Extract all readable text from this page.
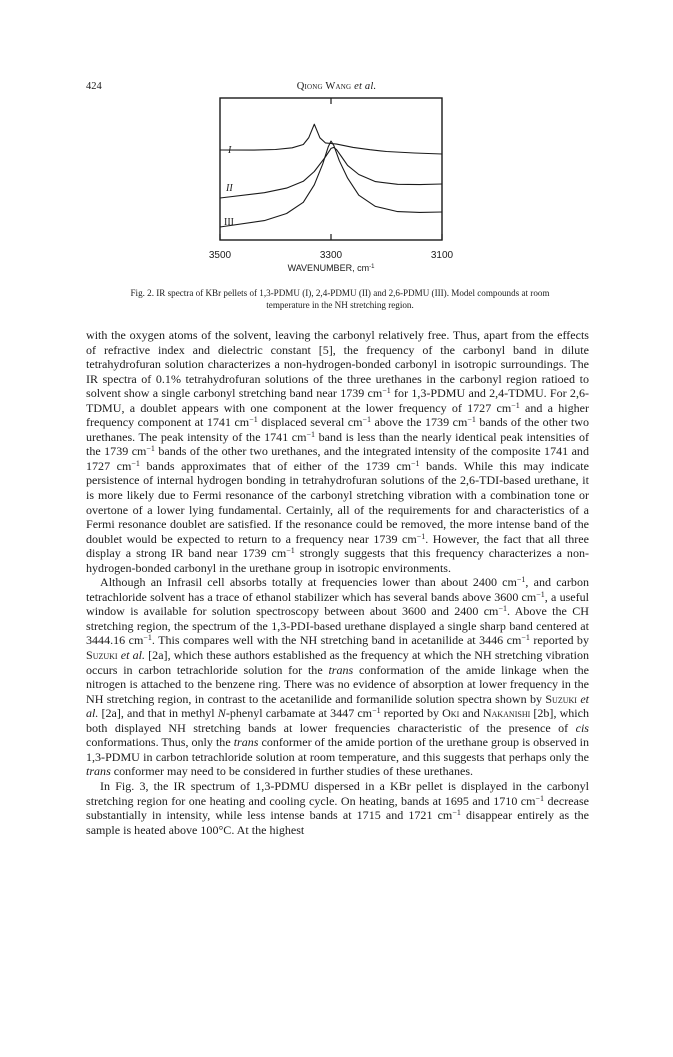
424	Qiong Wang et al.
I
II
III
3500	3300	3100
WAVENUMBER, $cm^{-1}$
Fig. 2. IR spectra of KBr pellets of 1,3-PDMU (I), 2,4-PDMU (II) and 2,6-PDMU (III). Model compounds at room temperature in the NH stretching region.

with the oxygen atoms of the solvent, leaving the carbonyl relatively free. Thus, apart from the effects of refractive index and dielectric constant [5], the frequency of the carbonyl band in dilute tetrahydrofuran solution characterizes a non-hydrogen-bonded carbonyl in isotropic surroundings. The IR spectra of 0.1% tetrahydrofuran solutions of the three urethanes in the carbonyl region ratioed to solvent show a single carbonyl stretching band near 1739 $cm^{-1}$ for 1,3-PDMU and 2,4-TDMU. For 2,6-TDMU, a doublet appears with one component at the lower frequency of 1727 $cm^{-1}$ and a higher frequency component at 1741 $cm^{-1}$ displaced several $cm^{-1}$ above the 1739 $cm^{-1}$ bands of the other two urethanes. The peak intensity of the 1741 $cm^{-1}$ band is less than the nearly identical peak intensities of the 1739 $cm^{-1}$ bands of the other two urethanes, and the integrated intensity of the composite 1741 and 1727 $cm^{-1}$ bands approximates that of either of the 1739 $cm^{-1}$ bands. While this may indicate persistence of internal hydrogen bonding in tetrahydrofuran solutions of the 2,6-TDI-based urethane, it is more likely due to Fermi resonance of the carbonyl stretching vibration with a combination tone or overtone of a lower lying fundamental. Certainly, all of the requirements for and characteristics of a Fermi resonance doublet are satisfied. If the resonance could be removed, the more intense band of the doublet would be expected to return to a frequency near 1739 $cm^{-1}$. However, the fact that all three display a strong IR band near 1739 $cm^{-1}$ strongly suggests that this frequency characterizes a non-hydrogen-bonded carbonyl in the urethane group in isotropic environments.

Although an Infrasil cell absorbs totally at frequencies lower than about 2400 $cm^{-1}$, and carbon tetrachloride solvent has a trace of ethanol stabilizer which has several bands above 3600 $cm^{-1}$, a useful window is available for solution spectroscopy between about 3600 and 2400 $cm^{-1}$. Above the CH stretching region, the spectrum of the 1,3-PDI-based urethane displayed a single sharp band centered at 3444.16 $cm^{-1}$. This compares well with the NH stretching band in acetanilide at 3446 $cm^{-1}$ reported by Suzuki et al. [2a], which these authors established as the frequency at which the NH stretching vibration occurs in carbon tetrachloride solution for the trans conformation of the amide linkage when the nitrogen is attached to the benzene ring. There was no evidence of absorption at lower frequency in the NH stretching region, in contrast to the acetanilide and formanilide solution spectra shown by Suzuki et al. [2a], and that in methyl N-phenyl carbamate at 3447 $cm^{-1}$ reported by Oki and Nakanishi [2b], which both displayed NH stretching bands at lower frequencies characteristic of the presence of cis conformations. Thus, only the trans conformer of the amide portion of the urethane group is observed in 1,3-PDMU in carbon tetrachloride solution at room temperature, and this suggests that perhaps only the trans conformer may need to be considered in further studies of these urethanes.

In Fig. 3, the IR spectrum of 1,3-PDMU dispersed in a KBr pellet is displayed in the carbonyl stretching region for one heating and cooling cycle. On heating, bands at 1695 and 1710 $cm^{-1}$ decrease substantially in intensity, while less intense bands at 1715 and 1721 $cm^{-1}$ disappear entirely as the sample is heated above 100°C. At the highest
